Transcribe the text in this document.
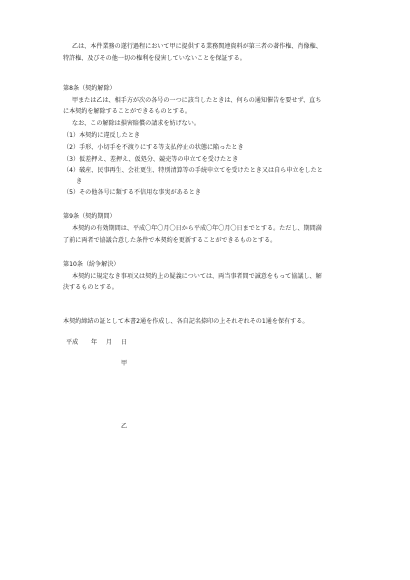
乙は、本件業務の遂行過程において甲に提供する業務関連資料が第三者の著作権、肖像権、
特許権、及びその他一切の権利を侵害していないことを保証する。
第8条（契約解除）
甲または乙は、相手方が次の各号の一つに該当したときは、何らの通知催告を要せず、直ち
に本契約を解除することができるものとする。
なお、この解除は損害賠償の請求を妨げない。
（1）本契約に違反したとき
（2）手形、小切手を不渡りにする等支払停止の状態に陥ったとき
（3）仮差押え、差押え、仮処分、競売等の申立てを受けたとき
（4）破産、民事再生、会社更生、特別清算等の手続申立てを受けたとき又は自ら申立をしたと
き
（5）その他各号に類する不信用な事実があるとき
第9条（契約期間）
本契約の有効期間は、平成〇年〇月〇日から平成〇年〇月〇日までとする。ただし、期間満
了前に両者で協議合意した条件で本契約を更新することができるものとする。
第10条（紛争解決）
本契約に規定なき事項又は契約上の疑義については、両当事者間で誠意をもって協議し、解
決するものとする。
本契約締結の証として本書2通を作成し、各自記名捺印の上それぞれその1通を保有する。
平成 年 月 日
甲
乙
